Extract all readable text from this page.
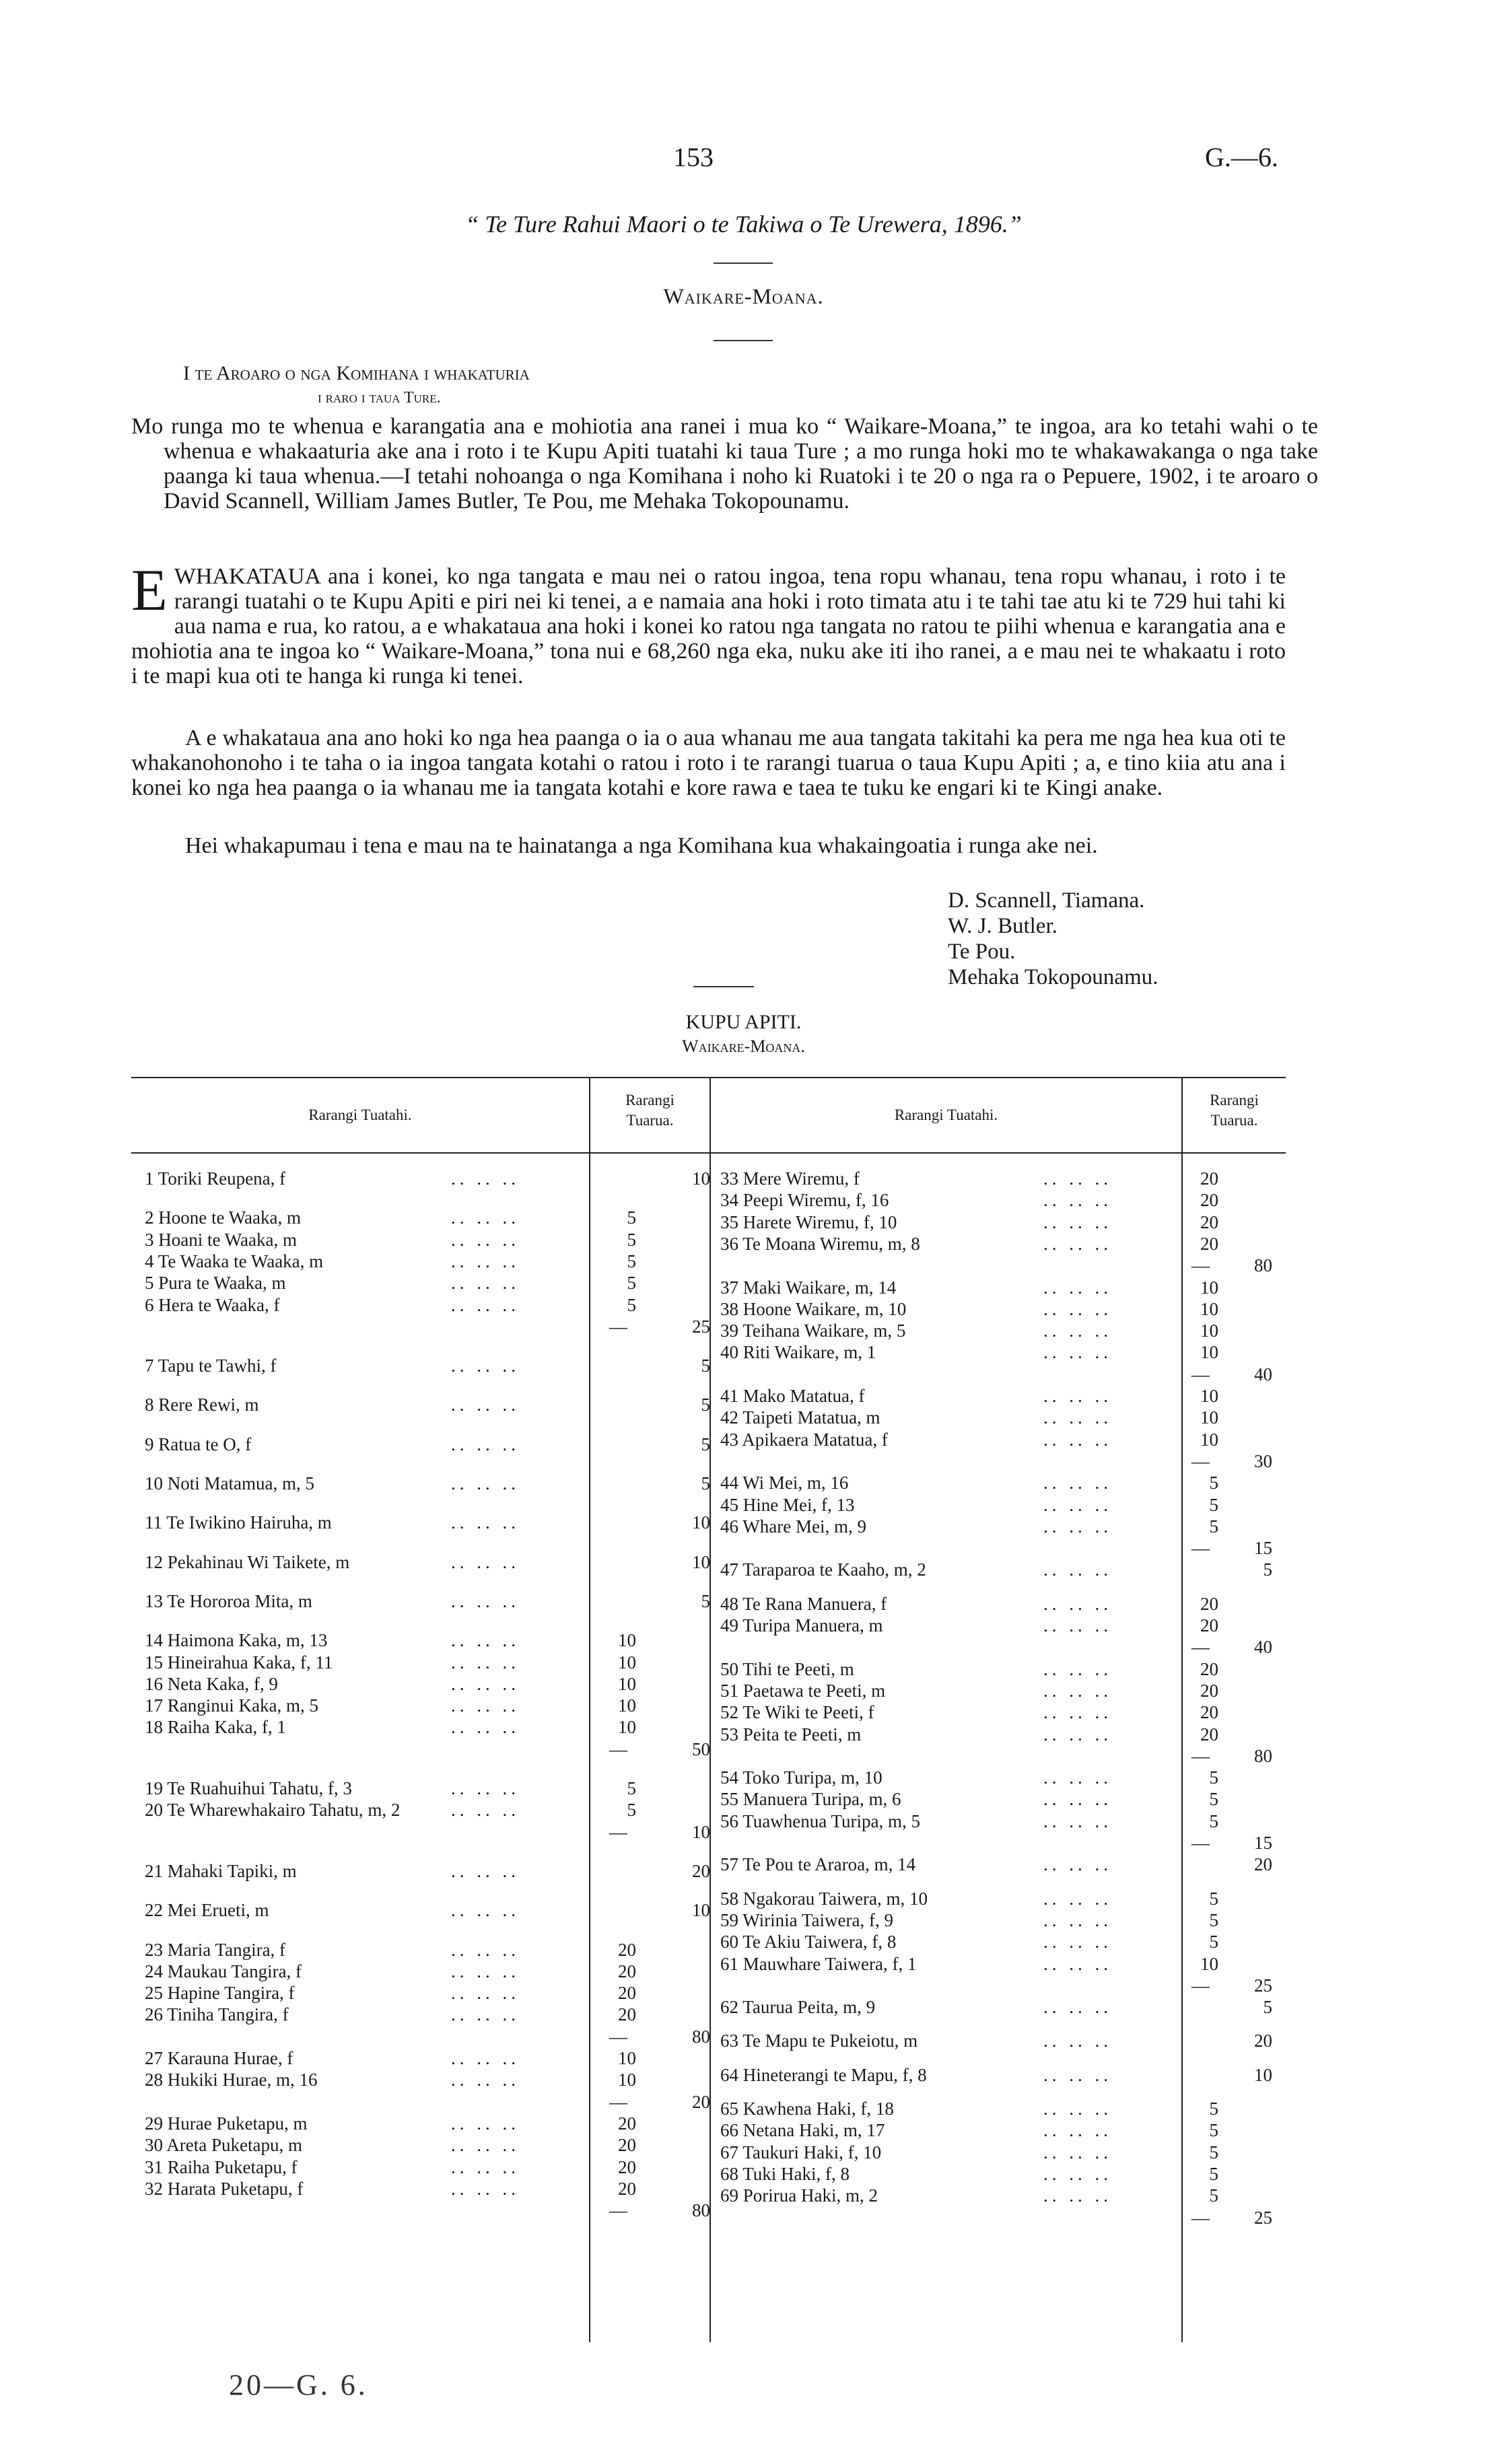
153	G.—6.
“ Te Ture Rahui Maori o te Takiwa o Te Urewera, 1896.”
Waikare-Moana.
I te Aroaro o nga Komihana i whakaturia
i raro i taua Ture.
Mo runga mo te whenua e karangatia ana e mohiotia ana ranei i mua ko “ Waikare-Moana,” te ingoa, ara ko tetahi wahi o te whenua e whakaaturia ake ana i roto i te Kupu Apiti tuatahi ki taua Ture ; a mo runga hoki mo te whakawakanga o nga take paanga ki taua whenua.—I tetahi nohoanga o nga Komihana i noho ki Ruatoki i te 20 o nga ra o Pepuere, 1902, i te aroaro o David Scannell, William James Butler, Te Pou, me Mehaka Tokopounamu.
E WHAKATAUA ana i konei, ko nga tangata e mau nei o ratou ingoa, tena ropu whanau, tena ropu whanau, i roto i te rarangi tuatahi o te Kupu Apiti e piri nei ki tenei, a e namaia ana hoki i roto timata atu i te tahi tae atu ki te 729 hui tahi ki aua nama e rua, ko ratou, a e whakataua ana hoki i konei ko ratou nga tangata no ratou te piihi whenua e karangatia ana e mohiotia ana te ingoa ko “ Waikare-Moana,” tona nui e 68,260 nga eka, nuku ake iti iho ranei, a e mau nei te whakaatu i roto i te mapi kua oti te hanga ki runga ki tenei.
A e whakataua ana ano hoki ko nga hea paanga o ia o aua whanau me aua tangata takitahi ka pera me nga hea kua oti te whakanohonoho i te taha o ia ingoa tangata kotahi o ratou i roto i te rarangi tuarua o taua Kupu Apiti ; a, e tino kiia atu ana i konei ko nga hea paanga o ia whanau me ia tangata kotahi e kore rawa e taea te tuku ke engari ki te Kingi anake.
Hei whakapumau i tena e mau na te hainatanga a nga Komihana kua whakaingoatia i runga ake nei.
D. Scannell, Tiamana.
W. J. Butler.
Te Pou.
Mehaka Tokopounamu.
KUPU APITI.
Waikare-Moana.
Rarangi Tuatahi.
Rarangi Tuarua.	Rarangi Tuatahi.
Rarangi Tuarua.
1 Toriki Reupena, f	.. .. ..	10
2 Hoone te Waaka, m	.. .. ..	5
3 Hoani te Waaka, m	.. .. ..	5
4 Te Waaka te Waaka, m	.. .. ..	5
5 Pura te Waaka, m	.. .. ..	5
6 Hera te Waaka, f	.. .. ..	5
—	25
7 Tapu te Tawhi, f	.. .. ..	5
8 Rere Rewi, m	.. .. ..	5
9 Ratua te O, f	.. .. ..	5
10 Noti Matamua, m, 5	.. .. ..	5
11 Te Iwikino Hairuha, m	.. .. ..	10
12 Pekahinau Wi Taikete, m	.. .. ..	10
13 Te Hororoa Mita, m	.. .. ..	5
14 Haimona Kaka, m, 13	.. .. ..	10
15 Hineirahua Kaka, f, 11	.. .. ..	10
16 Neta Kaka, f, 9	.. .. ..	10
17 Ranginui Kaka, m, 5	.. .. ..	10
18 Raiha Kaka, f, 1	.. .. ..	10
—	50
19 Te Ruahuihui Tahatu, f, 3	.. .. ..	5
20 Te Wharewhakairo Tahatu, m, 2	.. .. ..	5
—	10
21 Mahaki Tapiki, m	.. .. ..	20
22 Mei Erueti, m	.. .. ..	10
23 Maria Tangira, f	.. .. ..	20
24 Maukau Tangira, f	.. .. ..	20
25 Hapine Tangira, f	.. .. ..	20
26 Tiniha Tangira, f	.. .. ..	20
—	80
27 Karauna Hurae, f	.. .. ..	10
28 Hukiki Hurae, m, 16	.. .. ..	10
—	20
29 Hurae Puketapu, m	.. .. ..	20
30 Areta Puketapu, m	.. .. ..	20
31 Raiha Puketapu, f	.. .. ..	20
32 Harata Puketapu, f	.. .. ..	20
—	80
33 Mere Wiremu, f	.. .. ..	20
34 Peepi Wiremu, f, 16	.. .. ..	20
35 Harete Wiremu, f, 10	.. .. ..	20
36 Te Moana Wiremu, m, 8	.. .. ..	20
—	80
37 Maki Waikare, m, 14	.. .. ..	10
38 Hoone Waikare, m, 10	.. .. ..	10
39 Teihana Waikare, m, 5	.. .. ..	10
40 Riti Waikare, m, 1	.. .. ..	10
—	40
41 Mako Matatua, f	.. .. ..	10
42 Taipeti Matatua, m	.. .. ..	10
43 Apikaera Matatua, f	.. .. ..	10
—	30
44 Wi Mei, m, 16	.. .. ..	5
45 Hine Mei, f, 13	.. .. ..	5
46 Whare Mei, m, 9	.. .. ..	5
—	15
47 Taraparoa te Kaaho, m, 2	.. .. ..	5
48 Te Rana Manuera, f	.. .. ..	20
49 Turipa Manuera, m	.. .. ..	20
—	40
50 Tihi te Peeti, m	.. .. ..	20
51 Paetawa te Peeti, m	.. .. ..	20
52 Te Wiki te Peeti, f	.. .. ..	20
53 Peita te Peeti, m	.. .. ..	20
—	80
54 Toko Turipa, m, 10	.. .. ..	5
55 Manuera Turipa, m, 6	.. .. ..	5
56 Tuawhenua Turipa, m, 5	.. .. ..	5
—	15
57 Te Pou te Araroa, m, 14	.. .. ..	20
58 Ngakorau Taiwera, m, 10	.. .. ..	5
59 Wirinia Taiwera, f, 9	.. .. ..	5
60 Te Akiu Taiwera, f, 8	.. .. ..	5
61 Mauwhare Taiwera, f, 1	.. .. ..	10
—	25
62 Taurua Peita, m, 9	.. .. ..	5
63 Te Mapu te Pukeiotu, m	.. .. ..	20
64 Hineterangi te Mapu, f, 8	.. .. ..	10
65 Kawhena Haki, f, 18	.. .. ..	5
66 Netana Haki, m, 17	.. .. ..	5
67 Taukuri Haki, f, 10	.. .. ..	5
68 Tuki Haki, f, 8	.. .. ..	5
69 Porirua Haki, m, 2	.. .. ..	5
—	25
20—G. 6.
